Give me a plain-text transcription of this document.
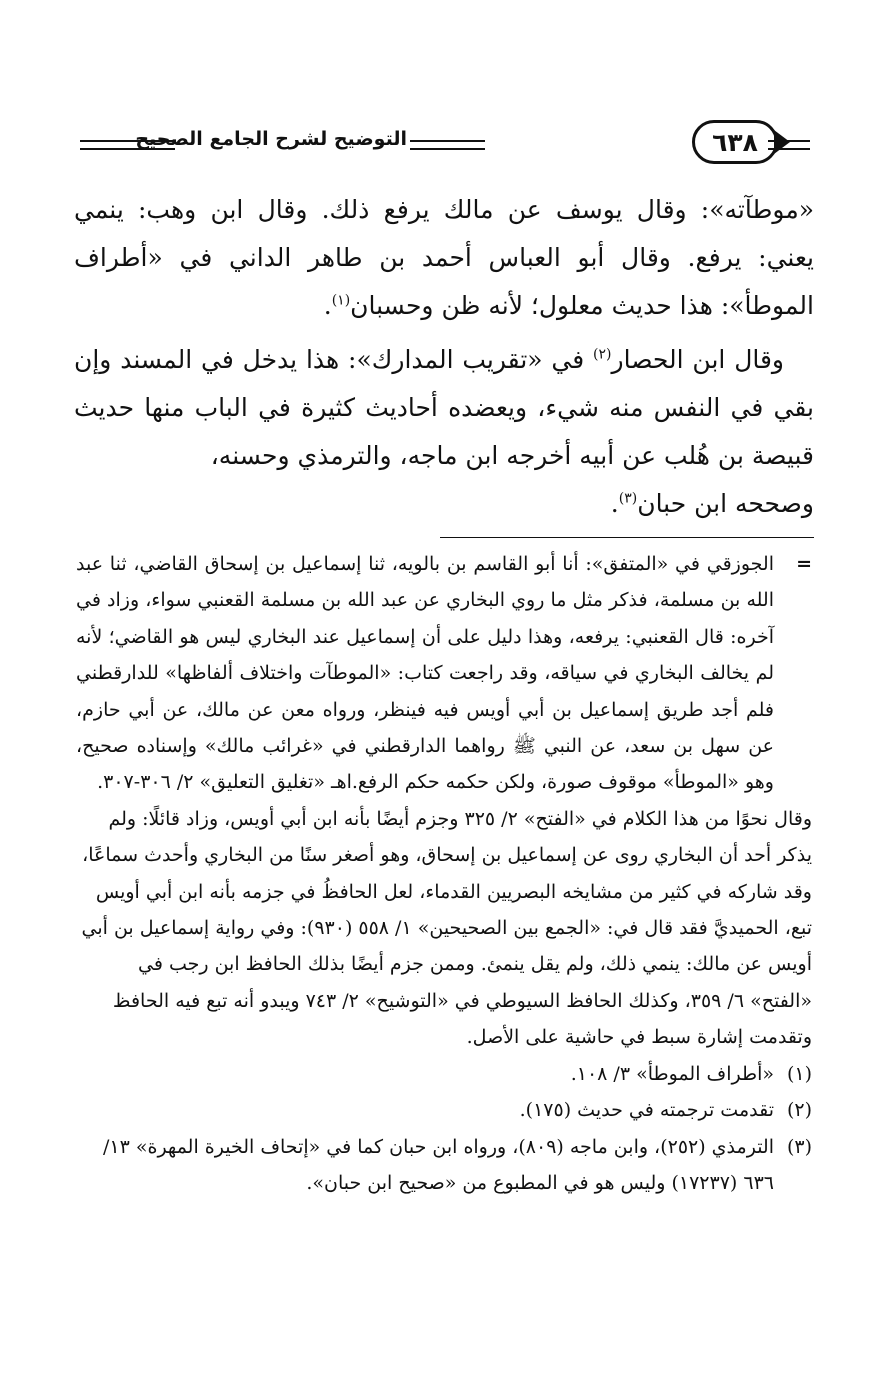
التوضيح لشرح الجامع الصحيح	٦٣٨

«موطآته»: وقال يوسف عن مالك يرفع ذلك. وقال ابن وهب: ينمي يعني: يرفع. وقال أبو العباس أحمد بن طاهر الداني في «أطراف الموطأ»: هذا حديث معلول؛ لأنه ظن وحسبان$^{(١)}$.

وقال ابن الحصار$^{(٢)}$ في «تقريب المدارك»: هذا يدخل في المسند وإن بقي في النفس منه شيء، ويعضده أحاديث كثيرة في الباب منها حديث قبيصة بن هُلب عن أبيه أخرجه ابن ماجه، والترمذي وحسنه،

وصححه ابن حبان$^{(٣)}$.

=

الجوزقي في «المتفق»: أنا أبو القاسم بن بالويه، ثنا إسماعيل بن إسحاق القاضي، ثنا عبد الله بن مسلمة، فذكر مثل ما روي البخاري عن عبد الله بن مسلمة القعنبي سواء، وزاد في آخره: قال القعنبي: يرفعه، وهذا دليل على أن إسماعيل عند البخاري ليس هو القاضي؛ لأنه لم يخالف البخاري في سياقه، وقد راجعت كتاب: «الموطآت واختلاف ألفاظها» للدارقطني فلم أجد طريق إسماعيل بن أبي أويس فيه فينظر، ورواه معن عن مالك، عن أبي حازم، عن سهل بن سعد، عن النبي ﷺ رواهما الدارقطني في «غرائب مالك» وإسناده صحيح، وهو «الموطأ» موقوف صورة، ولكن حكمه حكم الرفع.اهـ «تغليق التعليق» ٢/ ٣٠٦-٣٠٧.

وقال نحوًا من هذا الكلام في «الفتح» ٢/ ٣٢٥ وجزم أيضًا بأنه ابن أبي أويس، وزاد قائلًا: ولم يذكر أحد أن البخاري روى عن إسماعيل بن إسحاق، وهو أصغر سنًا من البخاري وأحدث سماعًا، وقد شاركه في كثير من مشايخه البصريين القدماء، لعل الحافظُ في جزمه بأنه ابن أبي أويس تبع، الحميديَّ فقد قال في: «الجمع بين الصحيحين» ١/ ٥٥٨ (٩٣٠): وفي رواية إسماعيل بن أبي أويس عن مالك: ينمي ذلك، ولم يقل ينمئ. وممن جزم أيضًا بذلك الحافظ ابن رجب في «الفتح» ٦/ ٣٥٩، وكذلك الحافظ السيوطي في «التوشيح» ٢/ ٧٤٣ ويبدو أنه تبع فيه الحافظ وتقدمت إشارة سبط في حاشية على الأصل.

(١)

«أطراف الموطأ» ٣/ ١٠٨.

(٢)

تقدمت ترجمته في حديث (١٧٥).

(٣)

الترمذي (٢٥٢)، وابن ماجه (٨٠٩)، ورواه ابن حبان كما في «إتحاف الخيرة المهرة» ١٣/ ٦٣٦ (١٧٢٣٧) وليس هو في المطبوع من «صحيح ابن حبان».
